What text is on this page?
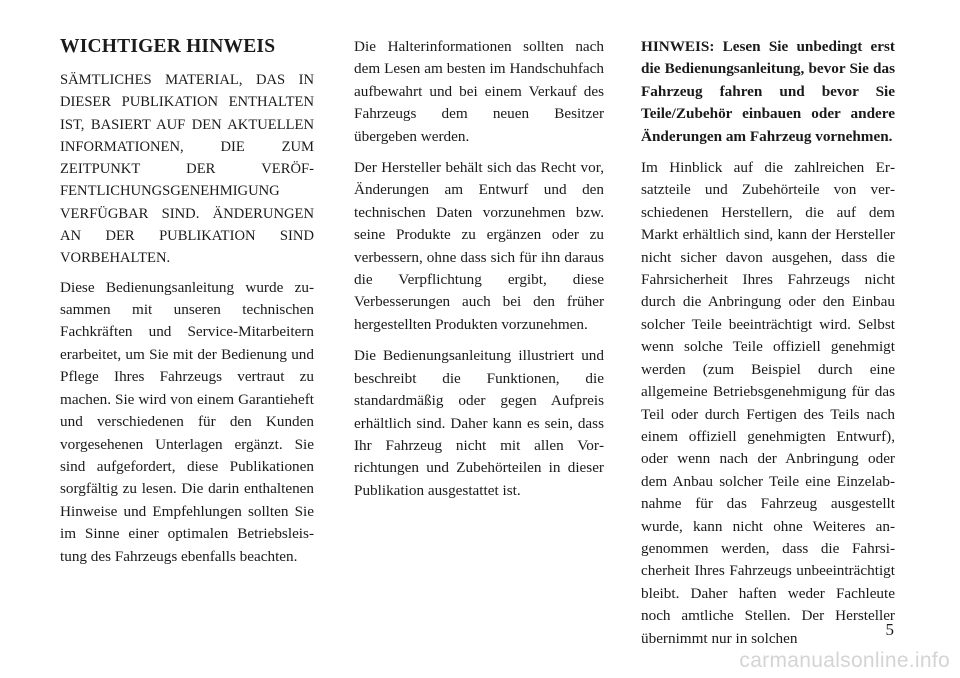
WICHTIGER HINWEIS

SÄMTLICHES MATERIAL, DAS IN DIESER PUBLIKATION ENTHALTEN IST, BASIERT AUF DEN AKTUELLEN INFORMATIONEN, DIE ZUM ZEITPUNKT DER VERÖFFENTLICHUNGSGENEHMIGUNG VERFÜGBAR SIND. ÄNDERUNGEN AN DER PUBLIKATION SIND VORBEHALTEN.

Diese Bedienungsanleitung wurde zusammen mit unseren technischen Fachkräften und Service-Mitarbeitern erarbeitet, um Sie mit der Bedienung und Pflege Ihres Fahrzeugs vertraut zu machen. Sie wird von einem Garantieheft und verschiedenen für den Kunden vorgesehenen Unterlagen ergänzt. Sie sind aufgefordert, diese Publikationen sorgfältig zu lesen. Die darin enthaltenen Hinweise und Empfehlungen sollten Sie im Sinne einer optimalen Betriebsleistung des Fahrzeugs ebenfalls beachten.

Die Halterinformationen sollten nach dem Lesen am besten im Handschuhfach aufbewahrt und bei einem Verkauf des Fahrzeugs dem neuen Besitzer übergeben werden.

Der Hersteller behält sich das Recht vor, Änderungen am Entwurf und den technischen Daten vorzunehmen bzw. seine Produkte zu ergänzen oder zu verbessern, ohne dass sich für ihn daraus die Verpflichtung ergibt, diese Verbesserungen auch bei den früher hergestellten Produkten vorzunehmen.

Die Bedienungsanleitung illustriert und beschreibt die Funktionen, die standardmäßig oder gegen Aufpreis erhältlich sind. Daher kann es sein, dass Ihr Fahrzeug nicht mit allen Vorrichtungen und Zubehörteilen in dieser Publikation ausgestattet ist.

HINWEIS: Lesen Sie unbedingt erst die Bedienungsanleitung, bevor Sie das Fahrzeug fahren und bevor Sie Teile/Zubehör einbauen oder andere Änderungen am Fahrzeug vornehmen.

Im Hinblick auf die zahlreichen Ersatzteile und Zubehörteile von verschiedenen Herstellern, die auf dem Markt erhältlich sind, kann der Hersteller nicht sicher davon ausgehen, dass die Fahrsicherheit Ihres Fahrzeugs nicht durch die Anbringung oder den Einbau solcher Teile beeinträchtigt wird. Selbst wenn solche Teile offiziell genehmigt werden (zum Beispiel durch eine allgemeine Betriebsgenehmigung für das Teil oder durch Fertigen des Teils nach einem offiziell genehmigten Entwurf), oder wenn nach der Anbringung oder dem Anbau solcher Teile eine Einzelabnahme für das Fahrzeug ausgestellt wurde, kann nicht ohne Weiteres angenommen werden, dass die Fahrsicherheit Ihres Fahrzeugs unbeeinträchtigt bleibt. Daher haften weder Fachleute noch amtliche Stellen. Der Hersteller übernimmt nur in solchen	5
carmanualsonline.info
